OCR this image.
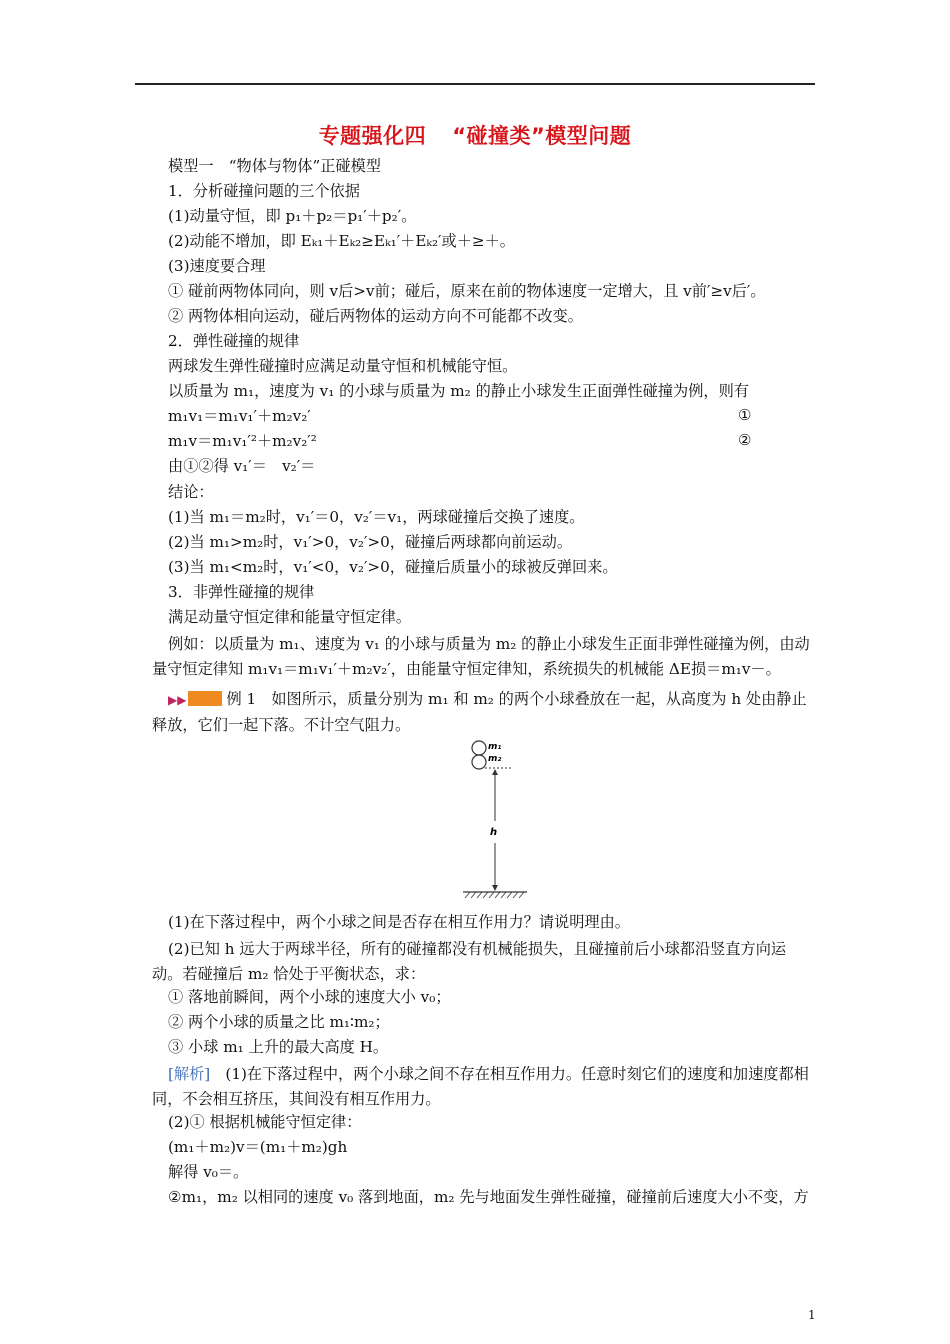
专题强化四 “碰撞类”模型问题
模型一　“物体与物体”正碰模型
1．分析碰撞问题的三个依据
(1)动量守恒，即 p₁＋p₂＝p₁′＋p₂′。
(2)动能不增加，即 Eₖ₁＋Eₖ₂≥Eₖ₁′＋Eₖ₂′或＋≥＋。
(3)速度要合理
① 碰前两物体同向，则 v后>v前；碰后，原来在前的物体速度一定增大，且 v前′≥v后′。
② 两物体相向运动，碰后两物体的运动方向不可能都不改变。
2．弹性碰撞的规律
两球发生弹性碰撞时应满足动量守恒和机械能守恒。
以质量为 m₁，速度为 v₁ 的小球与质量为 m₂ 的静止小球发生正面弹性碰撞为例，则有
m₁v₁＝m₁v₁′＋m₂v₂′	①
m₁v＝m₁v₁′²＋m₂v₂′²	②
由①②得 v₁′＝　v₂′＝
结论：
(1)当 m₁＝m₂时，v₁′＝0，v₂′＝v₁，两球碰撞后交换了速度。
(2)当 m₁>m₂时，v₁′>0，v₂′>0，碰撞后两球都向前运动。
(3)当 m₁<m₂时，v₁′<0，v₂′>0，碰撞后质量小的球被反弹回来。
3．非弹性碰撞的规律
满足动量守恒定律和能量守恒定律。
例如：以质量为 m₁、速度为 v₁ 的小球与质量为 m₂ 的静止小球发生正面非弹性碰撞为例，由动量守恒定律知 m₁v₁＝m₁v₁′＋m₂v₂′，由能量守恒定律知，系统损失的机械能 ΔE损＝m₁v－。
▶▶	例 1　如图所示，质量分别为 m₁ 和 m₂ 的两个小球叠放在一起，从高度为 h 处由静止释放，它们一起下落。不计空气阻力。
m₁
m₂
h
(1)在下落过程中，两个小球之间是否存在相互作用力？请说明理由。
(2)已知 h 远大于两球半径，所有的碰撞都没有机械能损失，且碰撞前后小球都沿竖直方向运动。若碰撞后 m₂ 恰处于平衡状态，求：
① 落地前瞬间，两个小球的速度大小 v₀；
② 两个小球的质量之比 m₁∶m₂；
③ 小球 m₁ 上升的最大高度 H。
[解析]　(1)在下落过程中，两个小球之间不存在相互作用力。任意时刻它们的速度和加速度都相同，不会相互挤压，其间没有相互作用力。
(2)① 根据机械能守恒定律：
(m₁＋m₂)v＝(m₁＋m₂)gh
解得 v₀＝。
②m₁，m₂ 以相同的速度 v₀ 落到地面，m₂ 先与地面发生弹性碰撞，碰撞前后速度大小不变，方
1
